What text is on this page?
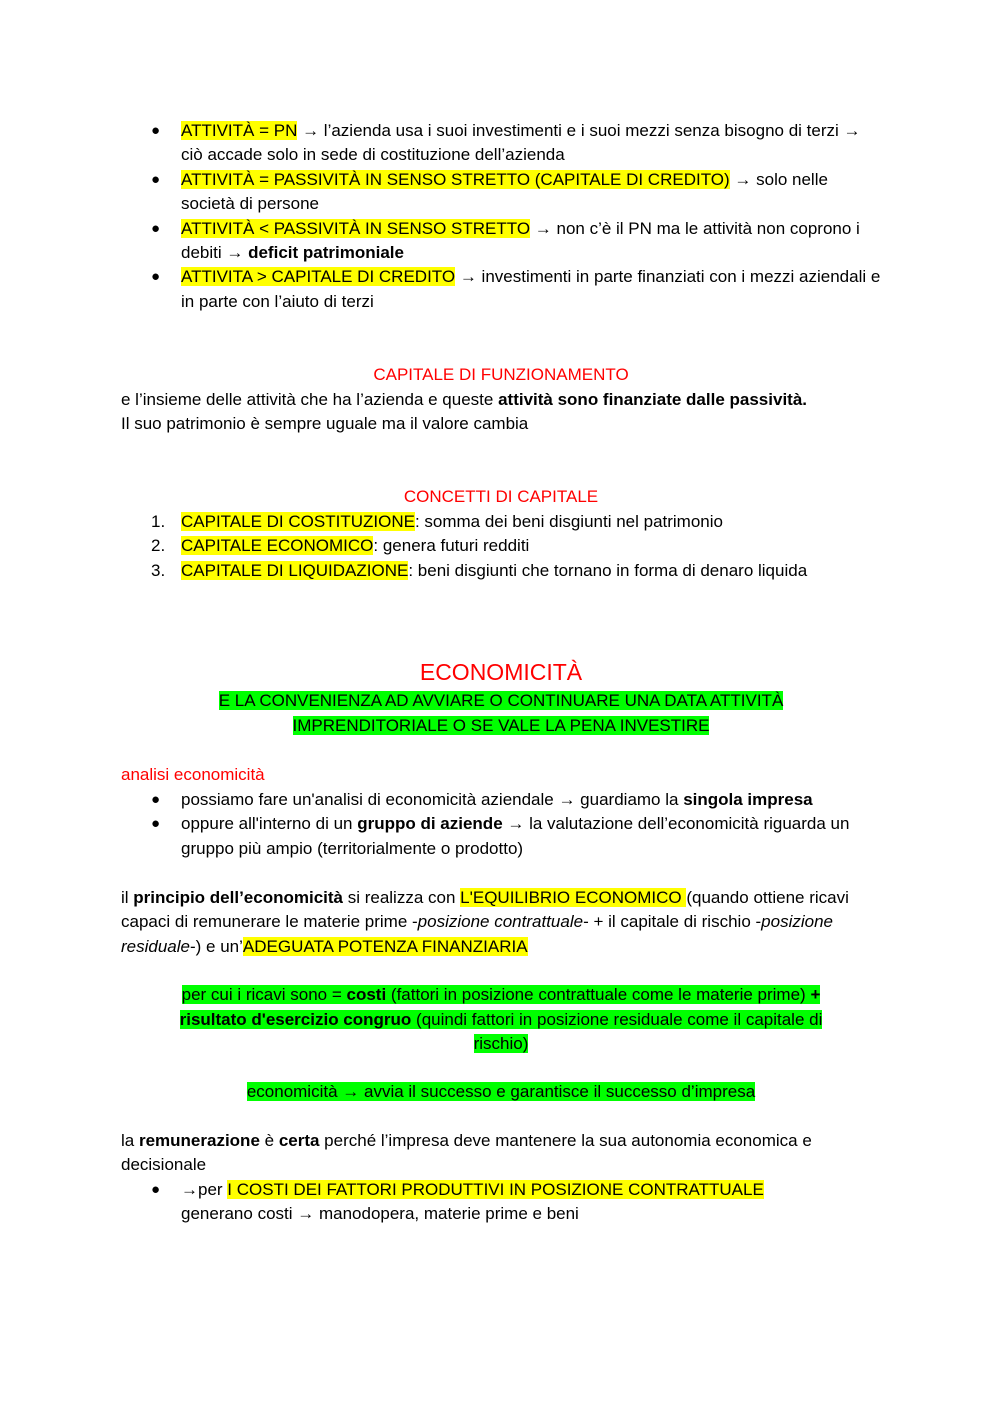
● ATTIVITÀ = PN → l’azienda usa i suoi investimenti e i suoi mezzi senza bisogno di terzi → ciò accade solo in sede di costituzione dell’azienda
● ATTIVITÀ = PASSIVITÀ IN SENSO STRETTO (CAPITALE DI CREDITO) → solo nelle società di persone
● ATTIVITÀ < PASSIVITÀ IN SENSO STRETTO → non c’è il PN ma le attività non coprono i debiti → deficit patrimoniale
● ATTIVITA > CAPITALE DI CREDITO → investimenti in parte finanziati con i mezzi aziendali e in parte con l’aiuto di terzi
CAPITALE DI FUNZIONAMENTO
e l’insieme delle attività che ha l’azienda e queste attività sono finanziate dalle passività.
Il suo patrimonio è sempre uguale ma il valore cambia
CONCETTI DI CAPITALE
1. CAPITALE DI COSTITUZIONE: somma dei beni disgiunti nel patrimonio
2. CAPITALE ECONOMICO: genera futuri redditi
3. CAPITALE DI LIQUIDAZIONE: beni disgiunti che tornano in forma di denaro liquida
ECONOMICITÀ
E LA CONVENIENZA AD AVVIARE O CONTINUARE UNA DATA ATTIVITÀ
IMPRENDITORIALE O SE VALE LA PENA INVESTIRE
analisi economicità
● possiamo fare un'analisi di economicità aziendale → guardiamo la singola impresa
● oppure all'interno di un gruppo di aziende → la valutazione dell’economicità riguarda un gruppo più ampio (territorialmente o prodotto)
il principio dell’economicità si realizza con L'EQUILIBRIO ECONOMICO (quando ottiene ricavi capaci di remunerare le materie prime -posizione contrattuale- + il capitale di rischio -posizione residuale-) e un’ADEGUATA POTENZA FINANZIARIA
per cui i ricavi sono = costi (fattori in posizione contrattuale come le materie prime) +
risultato d'esercizio congruo (quindi fattori in posizione residuale come il capitale di
rischio)
economicità → avvia il successo e garantisce il successo d’impresa
la remunerazione è certa perché l’impresa deve mantenere la sua autonomia economica e decisionale
● →per I COSTI DEI FATTORI PRODUTTIVI IN POSIZIONE CONTRATTUALE
generano costi → manodopera, materie prime e beni
